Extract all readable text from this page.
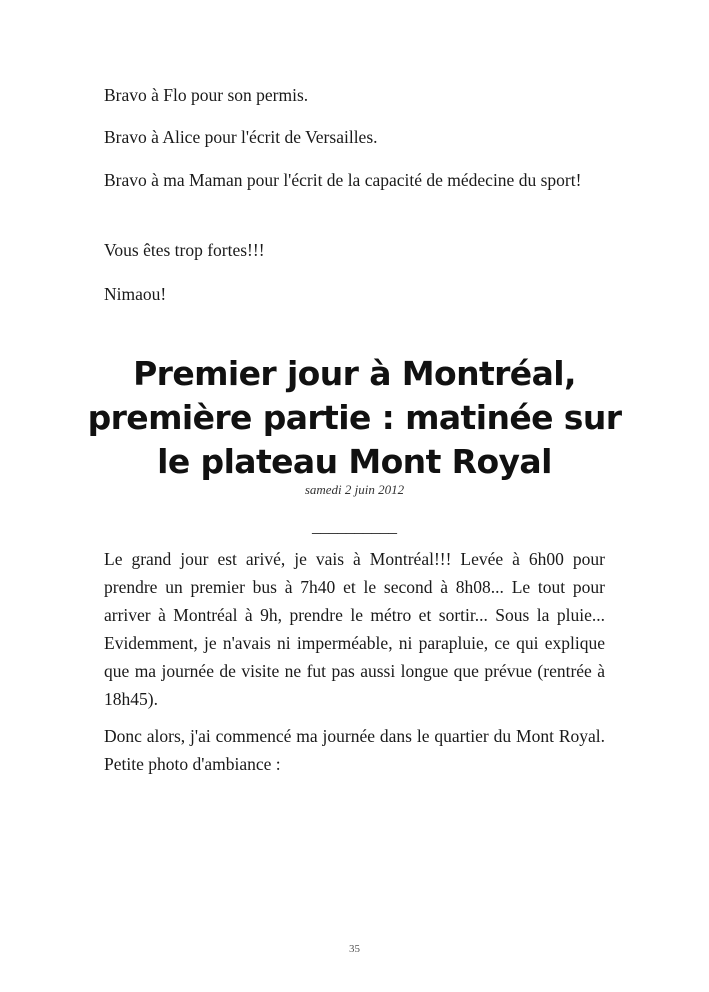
Bravo à Flo pour son permis.

Bravo à Alice pour l'écrit de Versailles.

Bravo à ma Maman pour l'écrit de la capacité de médecine du sport!

Vous êtes trop fortes!!!

Nimaou!

Premier jour à Montréal, première partie : matinée sur le plateau Mont Royal
samedi 2 juin 2012
__________

Le grand jour est arivé, je vais à Montréal!!! Levée à 6h00 pour prendre un premier bus à 7h40 et le second à 8h08... Le tout pour arriver à Montréal à 9h, prendre le métro et sortir... Sous la pluie... Evidemment, je n'avais ni imperméable, ni parapluie, ce qui explique que ma journée de visite ne fut pas aussi longue que prévue (rentrée à 18h45).

Donc alors, j'ai commencé ma journée dans le quartier du Mont Royal. Petite photo d'ambiance :

35
